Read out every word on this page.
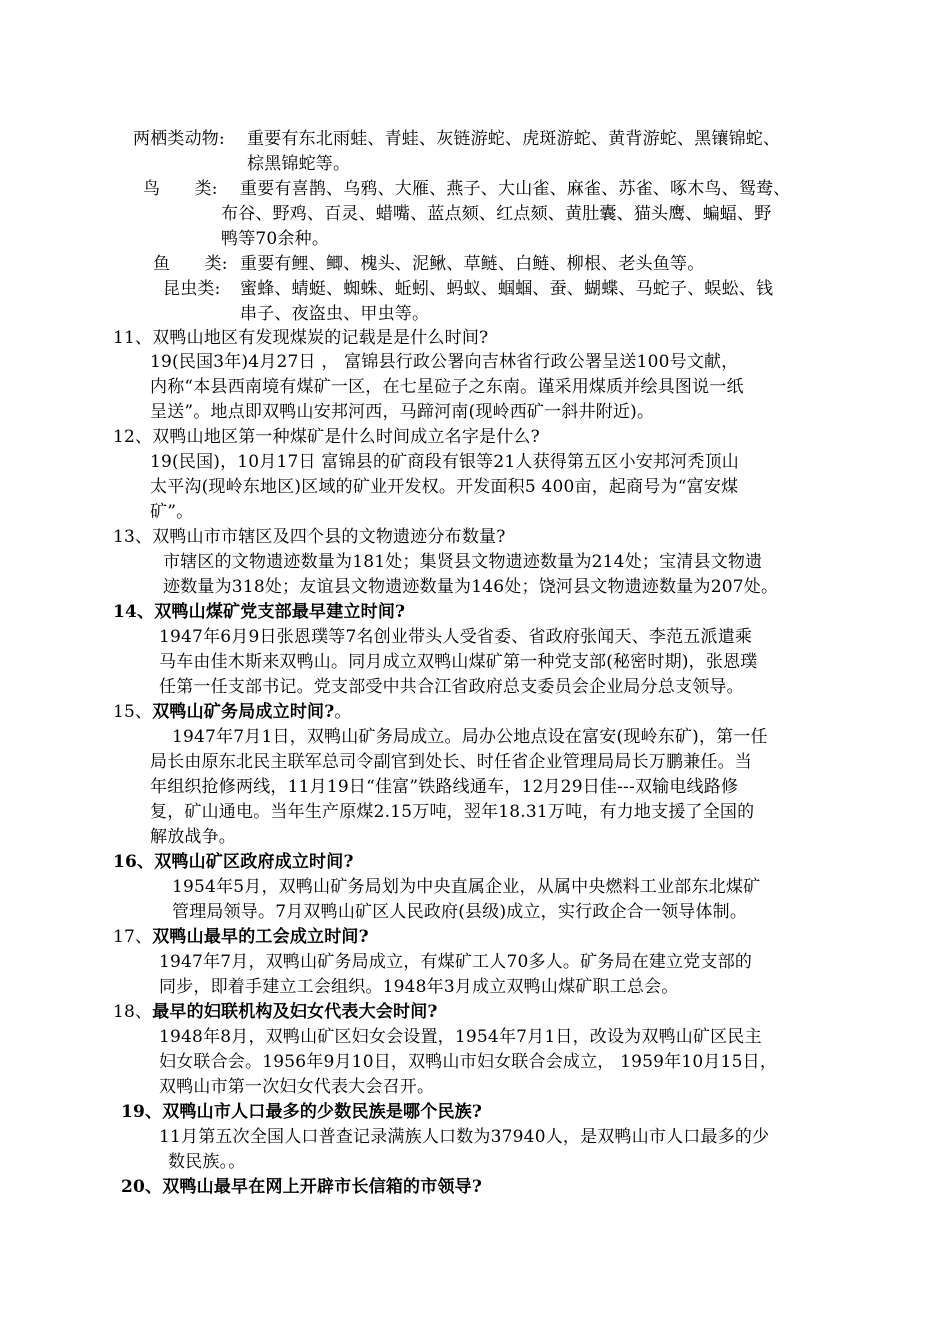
两栖类动物: 重要有东北雨蛙、青蛙、灰链游蛇、虎斑游蛇、黄背游蛇、黑镶锦蛇、
棕黑锦蛇等。
鸟　　类: 重要有喜鹊、乌鸦、大雁、燕子、大山雀、麻雀、苏雀、啄木鸟、鸳鸯、
布谷、野鸡、百灵、蜡嘴、蓝点颏、红点颏、黄肚囊、猫头鹰、蝙蝠、野
鸭等70余种。
鱼　　类: 重要有鲤、鲫、槐头、泥鳅、草鲢、白鲢、柳根、老头鱼等。
昆虫类: 蜜蜂、蜻蜓、蜘蛛、蚯蚓、蚂蚁、蝈蝈、蚕、蝴蝶、马蛇子、蜈蚣、钱
串子、夜盗虫、甲虫等。
11、双鸭山地区有发现煤炭的记载是是什么时间?
19(民国3年)4月27日 ， 富锦县行政公署向吉林省行政公署呈送100号文献，
内称“本县西南境有煤矿一区，在七星砬子之东南。谨采用煤质并绘具图说一纸
呈送”。地点即双鸭山安邦河西，马蹄河南(现岭西矿一斜井附近)。
12、双鸭山地区第一种煤矿是什么时间成立名字是什么?
19(民国)，10月17日 富锦县的矿商段有银等21人获得第五区小安邦河秃顶山
太平沟(现岭东地区)区域的矿业开发权。开发面积5 400亩，起商号为“富安煤
矿”。
13、双鸭山市市辖区及四个县的文物遗迹分布数量?
市辖区的文物遗迹数量为181处；集贤县文物遗迹数量为214处；宝清县文物遗
迹数量为318处；友谊县文物遗迹数量为146处；饶河县文物遗迹数量为207处。
14、双鸭山煤矿党支部最早建立时间?
1947年6月9日张恩璞等7名创业带头人受省委、省政府张闻天、李范五派遣乘
马车由佳木斯来双鸭山。同月成立双鸭山煤矿第一种党支部(秘密时期)，张恩璞
任第一任支部书记。党支部受中共合江省政府总支委员会企业局分总支领导。
15、双鸭山矿务局成立时间?。
1947年7月1日，双鸭山矿务局成立。局办公地点设在富安(现岭东矿)，第一任
局长由原东北民主联军总司令副官到处长、时任省企业管理局局长万鹏兼任。当
年组织抢修两线，11月19日“佳富”铁路线通车，12月29日佳---双输电线路修
复，矿山通电。当年生产原煤2.15万吨，翌年18.31万吨，有力地支援了全国的
解放战争。
16、双鸭山矿区政府成立时间?
1954年5月，双鸭山矿务局划为中央直属企业，从属中央燃料工业部东北煤矿
管理局领导。7月双鸭山矿区人民政府(县级)成立，实行政企合一领导体制。
17、双鸭山最早的工会成立时间?
1947年7月，双鸭山矿务局成立，有煤矿工人70多人。矿务局在建立党支部的
同步，即着手建立工会组织。1948年3月成立双鸭山煤矿职工总会。
18、最早的妇联机构及妇女代表大会时间?
1948年8月，双鸭山矿区妇女会设置，1954年7月1日，改设为双鸭山矿区民主
妇女联合会。1956年9月10日，双鸭山市妇女联合会成立， 1959年10月15日，
双鸭山市第一次妇女代表大会召开。
19、双鸭山市人口最多的少数民族是哪个民族?
11月第五次全国人口普查记录满族人口数为37940人，是双鸭山市人口最多的少
数民族。。
20、双鸭山最早在网上开辟市长信箱的市领导?
